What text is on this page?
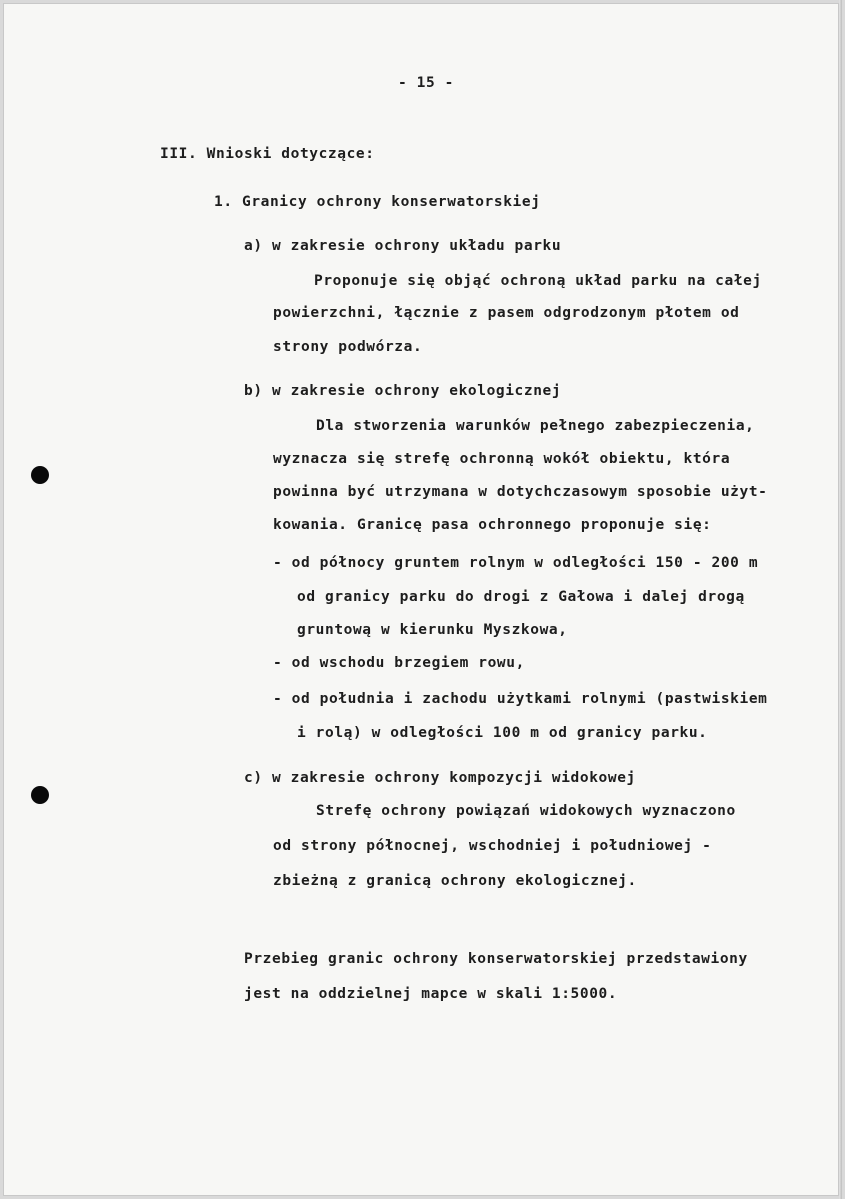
- 15 -
III. Wnioski dotyczące:
1. Granicy ochrony konserwatorskiej
a) w zakresie ochrony układu parku
Proponuje się objąć ochroną układ parku na całej
powierzchni, łącznie z pasem odgrodzonym płotem od
strony podwórza.
b) w zakresie ochrony ekologicznej
Dla stworzenia warunków pełnego zabezpieczenia,
wyznacza się strefę ochronną wokół obiektu, która
powinna być utrzymana w dotychczasowym sposobie użyt-
kowania. Granicę pasa ochronnego proponuje się:
- od północy gruntem rolnym w odległości 150 - 200 m
od granicy parku do drogi z Gałowa i dalej drogą
gruntową w kierunku Myszkowa,
- od wschodu brzegiem rowu,
- od południa i zachodu użytkami rolnymi (pastwiskiem
i rolą) w odległości 100 m od granicy parku.
c) w zakresie ochrony kompozycji widokowej
Strefę ochrony powiązań widokowych wyznaczono
od strony północnej, wschodniej i południowej -
zbieżną z granicą ochrony ekologicznej.
Przebieg granic ochrony konserwatorskiej przedstawiony
jest na oddzielnej mapce w skali 1:5000.
